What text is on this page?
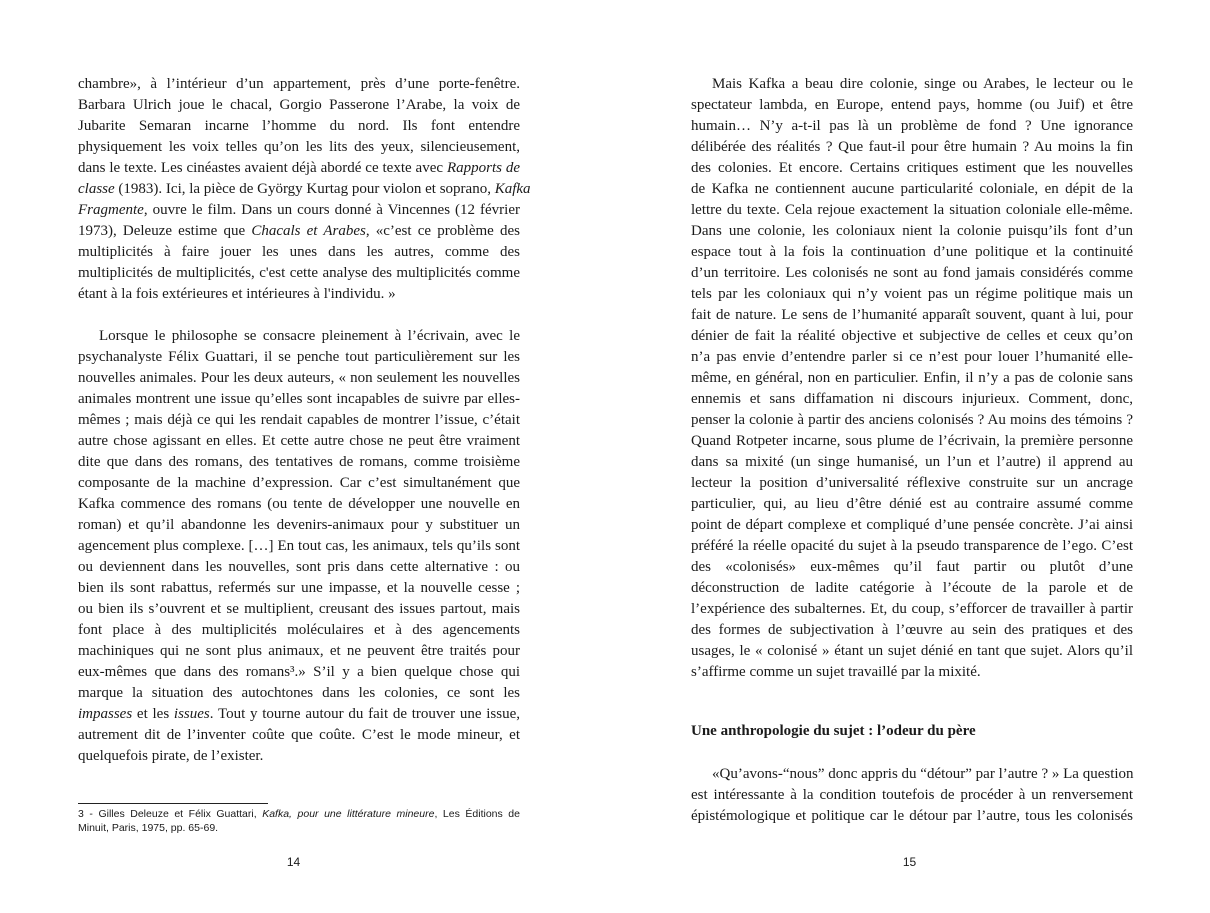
chambre», à l’intérieur d’un appartement, près d’une porte-fenêtre.
Barbara Ulrich joue le chacal, Gorgio Passerone l’Arabe, la voix de
Jubarite Semaran incarne l’homme du nord. Ils font entendre
physiquement les voix telles qu’on les lits des yeux, silencieusement,
dans le texte. Les cinéastes avaient déjà abordé ce texte avec Rapports de
classe (1983). Ici, la pièce de György Kurtag pour violon et soprano, Kafka
Fragmente, ouvre le film. Dans un cours donné à Vincennes (12 février
1973), Deleuze estime que Chacals et Arabes, «c’est ce problème des
multiplicités à faire jouer les unes dans les autres, comme des
multiplicités de multiplicités, c'est cette analyse des multiplicités comme
étant à la fois extérieures et intérieures à l'individu. »
Lorsque le philosophe se consacre pleinement à l’écrivain, avec le
psychanalyste Félix Guattari, il se penche tout particulièrement sur les
nouvelles animales. Pour les deux auteurs, « non seulement les nouvelles
animales montrent une issue qu’elles sont incapables de suivre par elles-
mêmes ; mais déjà ce qui les rendait capables de montrer l’issue, c’était
autre chose agissant en elles. Et cette autre chose ne peut être vraiment
dite que dans des romans, des tentatives de romans, comme troisième
composante de la machine d’expression. Car c’est simultanément que
Kafka commence des romans (ou tente de développer une nouvelle en
roman) et qu’il abandonne les devenirs-animaux pour y substituer un
agencement plus complexe. […] En tout cas, les animaux, tels qu’ils sont
ou deviennent dans les nouvelles, sont pris dans cette alternative : ou
bien ils sont rabattus, refermés sur une impasse, et la nouvelle cesse ;
ou bien ils s’ouvrent et se multiplient, creusant des issues partout, mais
font place à des multiplicités moléculaires et à des agencements
machiniques qui ne sont plus animaux, et ne peuvent être traités pour
eux-mêmes que dans des romans³.» S’il y a bien quelque chose qui
marque la situation des autochtones dans les colonies, ce sont les
impasses et les issues. Tout y tourne autour du fait de trouver une issue,
autrement dit de l’inventer coûte que coûte. C’est le mode mineur, et
quelquefois pirate, de l’exister.
3 - Gilles Deleuze et Félix Guattari, Kafka, pour une littérature mineure, Les Éditions de
Minuit, Paris, 1975, pp. 65-69.
14
Mais Kafka a beau dire colonie, singe ou Arabes, le lecteur ou le
spectateur lambda, en Europe, entend pays, homme (ou Juif) et être
humain… N’y a-t-il pas là un problème de fond ? Une ignorance
délibérée des réalités ? Que faut-il pour être humain ? Au moins la fin
des colonies. Et encore. Certains critiques estiment que les nouvelles
de Kafka ne contiennent aucune particularité coloniale, en dépit de la
lettre du texte. Cela rejoue exactement la situation coloniale elle-même.
Dans une colonie, les coloniaux nient la colonie puisqu’ils font d’un
espace tout à la fois la continuation d’une politique et la continuité
d’un territoire. Les colonisés ne sont au fond jamais considérés comme
tels par les coloniaux qui n’y voient pas un régime politique mais un
fait de nature. Le sens de l’humanité apparaît souvent, quant à lui, pour
dénier de fait la réalité objective et subjective de celles et ceux qu’on
n’a pas envie d’entendre parler si ce n’est pour louer l’humanité elle-
même, en général, non en particulier. Enfin, il n’y a pas de colonie sans
ennemis et sans diffamation ni discours injurieux. Comment, donc,
penser la colonie à partir des anciens colonisés ? Au moins des témoins ?
Quand Rotpeter incarne, sous plume de l’écrivain, la première personne
dans sa mixité (un singe humanisé, un l’un et l’autre) il apprend au
lecteur la position d’universalité réflexive construite sur un ancrage
particulier, qui, au lieu d’être dénié est au contraire assumé comme
point de départ complexe et compliqué d’une pensée concrète. J’ai ainsi
préféré la réelle opacité du sujet à la pseudo transparence de l’ego. C’est
des «colonisés» eux-mêmes qu’il faut partir ou plutôt d’une
déconstruction de ladite catégorie à l’écoute de la parole et de
l’expérience des subalternes. Et, du coup, s’efforcer de travailler à partir
des formes de subjectivation à l’œuvre au sein des pratiques et des
usages, le « colonisé » étant un sujet dénié en tant que sujet. Alors qu’il
s’affirme comme un sujet travaillé par la mixité.
Une anthropologie du sujet : l’odeur du père
«Qu’avons-“nous” donc appris du “détour” par l’autre ? » La question
est intéressante à la condition toutefois de procéder à un renversement
épistémologique et politique car le détour par l’autre, tous les colonisés
15
